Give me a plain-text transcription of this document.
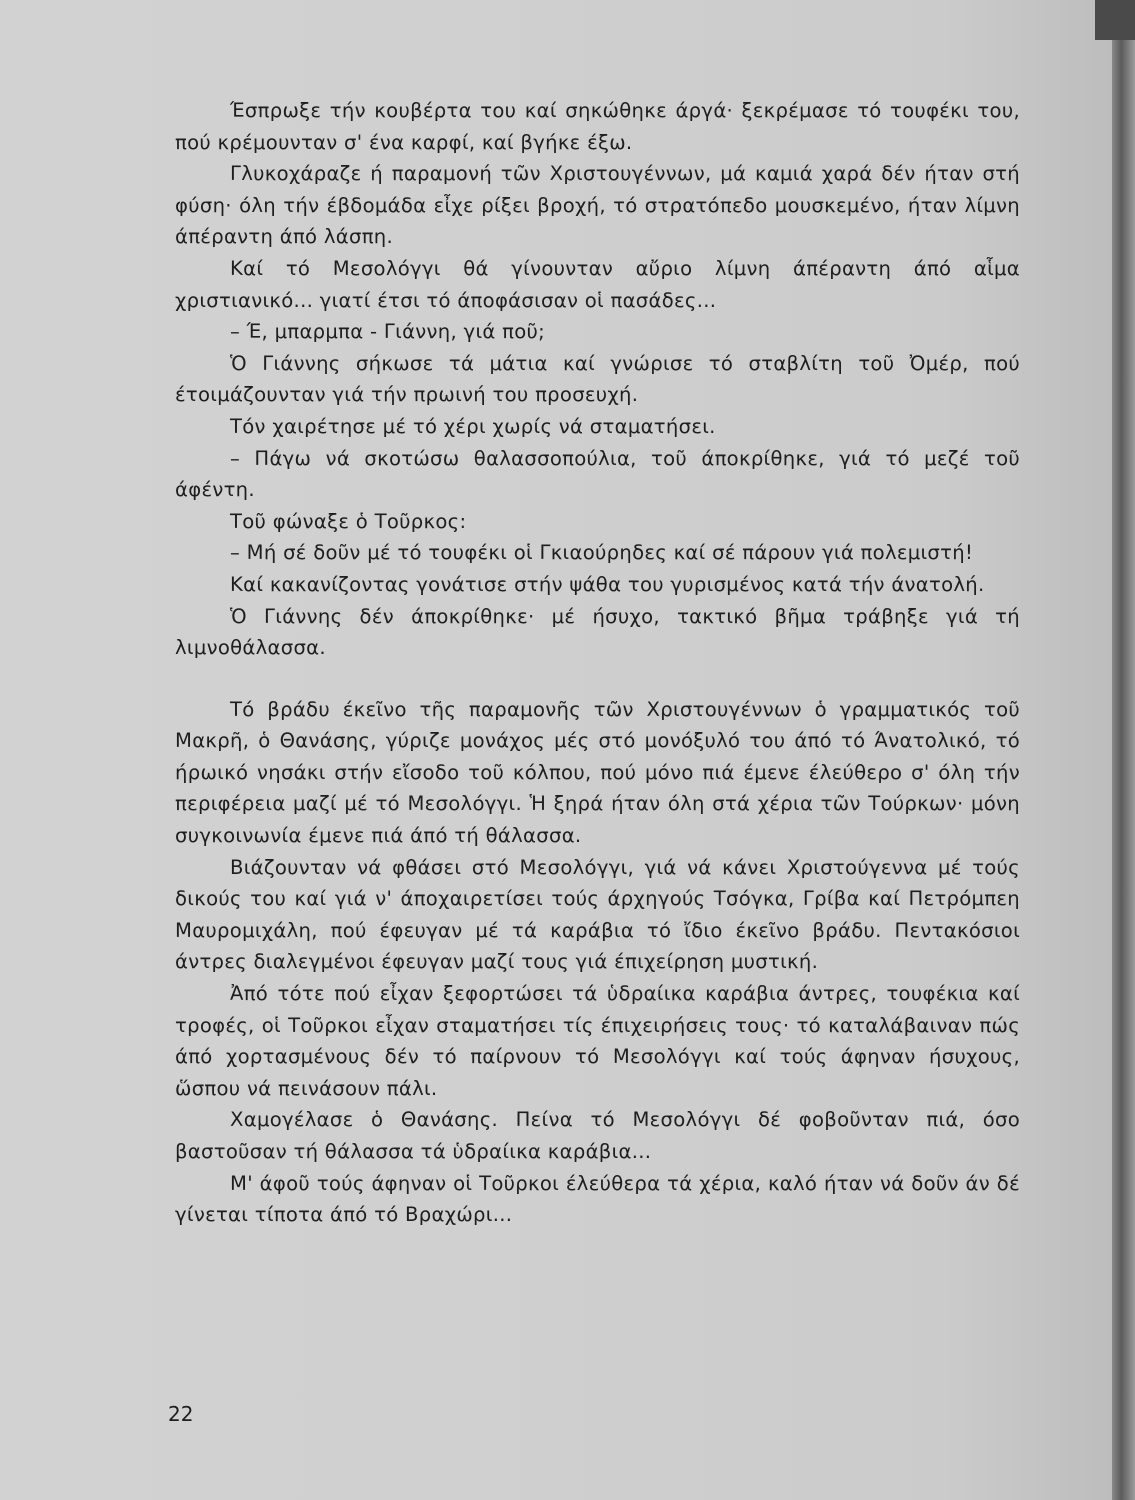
Έσπρωξε τήν κουβέρτα του καί σηκώθηκε άργά· ξεκρέμασε τό τουφέκι του, πού κρέμουνταν σ' ένα καρφί, καί βγήκε έξω.

Γλυκοχάραζε ή παραμονή τῶν Χριστουγέννων, μά καμιά χαρά δέν ήταν στή φύση· όλη τήν έβδομάδα εἶχε ρίξει βροχή, τό στρατόπεδο μουσκεμένο, ήταν λίμνη άπέραντη άπό λάσπη.

Καί τό Μεσολόγγι θά γίνουνταν αὔριο λίμνη άπέραντη άπό αἷμα χριστιανικό... γιατί έτσι τό άποφάσισαν οἱ πασάδες...

– Έ, μπαρμπα - Γιάννη, γιά ποῦ;

Ὁ Γιάννης σήκωσε τά μάτια καί γνώρισε τό σταβλίτη τοῦ Ὀμέρ, πού έτοιμάζουνταν γιά τήν πρωινή του προσευχή.

Τόν χαιρέτησε μέ τό χέρι χωρίς νά σταματήσει.

– Πάγω νά σκοτώσω θαλασσοπούλια, τοῦ άποκρίθηκε, γιά τό μεζέ τοῦ άφέντη.

Τοῦ φώναξε ὁ Τοῦρκος:

– Μή σέ δοῦν μέ τό τουφέκι οἱ Γκιαούρηδες καί σέ πάρουν γιά πολεμιστή!

Καί κακανίζοντας γονάτισε στήν ψάθα του γυρισμένος κατά τήν άνατολή.

Ὁ Γιάννης δέν άποκρίθηκε· μέ ήσυχο, τακτικό βῆμα τράβηξε γιά τή λιμνοθάλασσα.

Τό βράδυ έκεῖνο τῆς παραμονῆς τῶν Χριστουγέννων ὁ γραμματικός τοῦ Μακρῆ, ὁ Θανάσης, γύριζε μονάχος μές στό μονόξυλό του άπό τό Άνατολικό, τό ήρωικό νησάκι στήν εἴσοδο τοῦ κόλπου, πού μόνο πιά έμενε έλεύθερο σ' όλη τήν περιφέρεια μαζί μέ τό Μεσολόγγι. Ἡ ξηρά ήταν όλη στά χέρια τῶν Τούρκων· μόνη συγκοινωνία έμενε πιά άπό τή θάλασσα.

Βιάζουνταν νά φθάσει στό Μεσολόγγι, γιά νά κάνει Χριστούγεννα μέ τούς δικούς του καί γιά ν' άποχαιρετίσει τούς άρχηγούς Τσόγκα, Γρίβα καί Πετρόμπεη Μαυρομιχάλη, πού έφευγαν μέ τά καράβια τό ἴδιο έκεῖνο βράδυ. Πεντακόσιοι άντρες διαλεγμένοι έφευγαν μαζί τους γιά έπιχείρηση μυστική.

Ἀπό τότε πού εἶχαν ξεφορτώσει τά ὑδραίικα καράβια άντρες, τουφέκια καί τροφές, οἱ Τοῦρκοι εἶχαν σταματήσει τίς έπιχειρήσεις τους· τό καταλάβαιναν πώς άπό χορτασμένους δέν τό παίρνουν τό Μεσολόγγι καί τούς άφηναν ήσυχους, ὥσπου νά πεινάσουν πάλι.

Χαμογέλασε ὁ Θανάσης. Πείνα τό Μεσολόγγι δέ φοβοῦνταν πιά, όσο βαστοῦσαν τή θάλασσα τά ὑδραίικα καράβια...

Μ' άφοῦ τούς άφηναν οἱ Τοῦρκοι έλεύθερα τά χέρια, καλό ήταν νά δοῦν άν δέ γίνεται τίποτα άπό τό Βραχώρι...

22
